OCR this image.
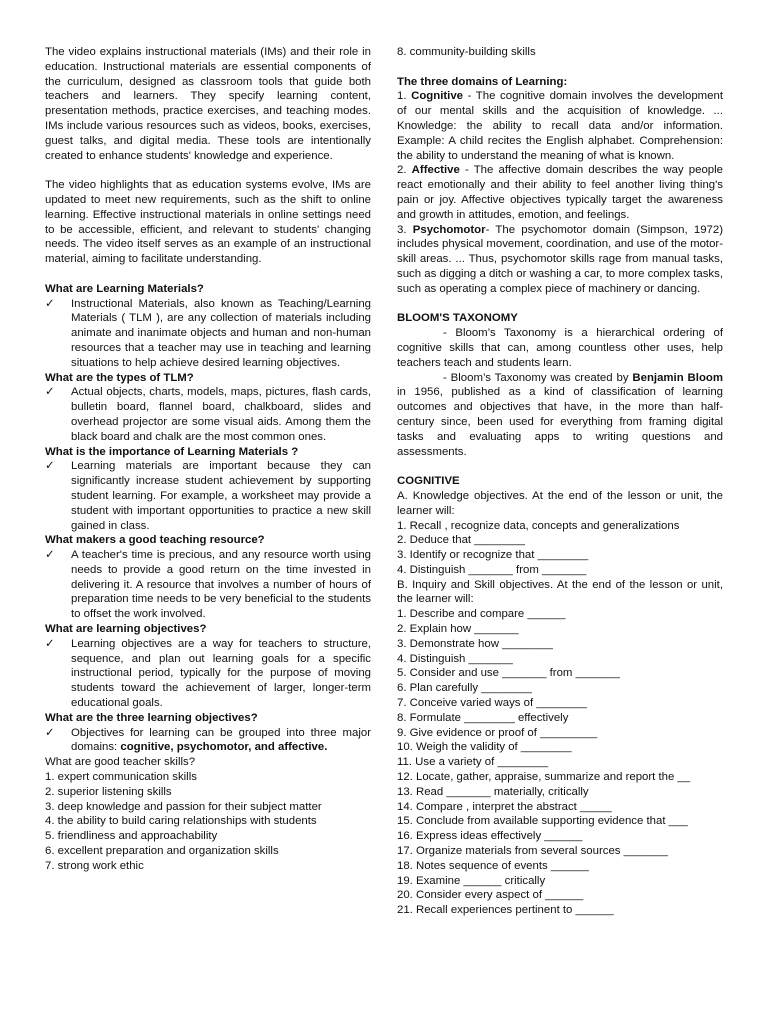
The video explains instructional materials (IMs) and their role in education. Instructional materials are essential components of the curriculum, designed as classroom tools that guide both teachers and learners. They specify learning content, presentation methods, practice exercises, and teaching modes. IMs include various resources such as videos, books, exercises, guest talks, and digital media. These tools are intentionally created to enhance students' knowledge and experience.

The video highlights that as education systems evolve, IMs are updated to meet new requirements, such as the shift to online learning. Effective instructional materials in online settings need to be accessible, efficient, and relevant to students' changing needs. The video itself serves as an example of an instructional material, aiming to facilitate understanding.

What are Learning Materials?

✓ Instructional Materials, also known as Teaching/Learning Materials ( TLM ), are any collection of materials including animate and inanimate objects and human and non-human resources that a teacher may use in teaching and learning situations to help achieve desired learning objectives.

What are the types of TLM?

✓ Actual objects, charts, models, maps, pictures, flash cards, bulletin board, flannel board, chalkboard, slides and overhead projector are some visual aids. Among them the black board and chalk are the most common ones.

What is the importance of Learning Materials ?

✓ Learning materials are important because they can significantly increase student achievement by supporting student learning. For example, a worksheet may provide a student with important opportunities to practice a new skill gained in class.

What makers a good teaching resource?

✓ A teacher's time is precious, and any resource worth using needs to provide a good return on the time invested in delivering it. A resource that involves a number of hours of preparation time needs to be very beneficial to the students to offset the work involved.

What are learning objectives?

✓ Learning objectives are a way for teachers to structure, sequence, and plan out learning goals for a specific instructional period, typically for the purpose of moving students toward the achievement of larger, longer-term educational goals.

What are the three learning objectives?

✓ Objectives for learning can be grouped into three major domains: cognitive, psychomotor, and affective.

What are good teacher skills?

1. expert communication skills

2. superior listening skills

3. deep knowledge and passion for their subject matter

4. the ability to build caring relationships with students

5. friendliness and approachability

6. excellent preparation and organization skills

7. strong work ethic

8. community-building skills

The three domains of Learning:

1. Cognitive - The cognitive domain involves the development of our mental skills and the acquisition of knowledge. ... Knowledge: the ability to recall data and/or information. Example: A child recites the English alphabet. Comprehension: the ability to understand the meaning of what is known.

2. Affective - The affective domain describes the way people react emotionally and their ability to feel another living thing's pain or joy. Affective objectives typically target the awareness and growth in attitudes, emotion, and feelings.

3. Psychomotor- The psychomotor domain (Simpson, 1972) includes physical movement, coordination, and use of the motor-skill areas. ... Thus, psychomotor skills rage from manual tasks, such as digging a ditch or washing a car, to more complex tasks, such as operating a complex piece of machinery or dancing.

BLOOM'S TAXONOMY

- Bloom’s Taxonomy is a hierarchical ordering of cognitive skills that can, among countless other uses, help teachers teach and students learn.

- Bloom’s Taxonomy was created by Benjamin Bloom in 1956, published as a kind of classification of learning outcomes and objectives that have, in the more than half-century since, been used for everything from framing digital tasks and evaluating apps to writing questions and assessments.

COGNITIVE

A. Knowledge objectives. At the end of the lesson or unit, the learner will:

1. Recall , recognize data, concepts and generalizations

2. Deduce that ________

3. Identify or recognize that ________

4. Distinguish _______ from _______

B. Inquiry and Skill objectives. At the end of the lesson or unit, the learner will:

1. Describe and compare ______

2. Explain how _______

3. Demonstrate how ________

4. Distinguish _______

5. Consider and use _______ from _______

6. Plan carefully ________

7. Conceive varied ways of ________

8. Formulate ________ effectively

9. Give evidence or proof of _________

10. Weigh the validity of ________

11. Use a variety of ________

12. Locate, gather, appraise, summarize and report the __

13. Read _______ materially, critically

14. Compare , interpret the abstract _____

15. Conclude from available supporting evidence that ___

16. Express ideas effectively ______

17. Organize materials from several sources _______

18. Notes sequence of events ______

19. Examine ______ critically

20. Consider every aspect of ______

21. Recall experiences pertinent to ______
